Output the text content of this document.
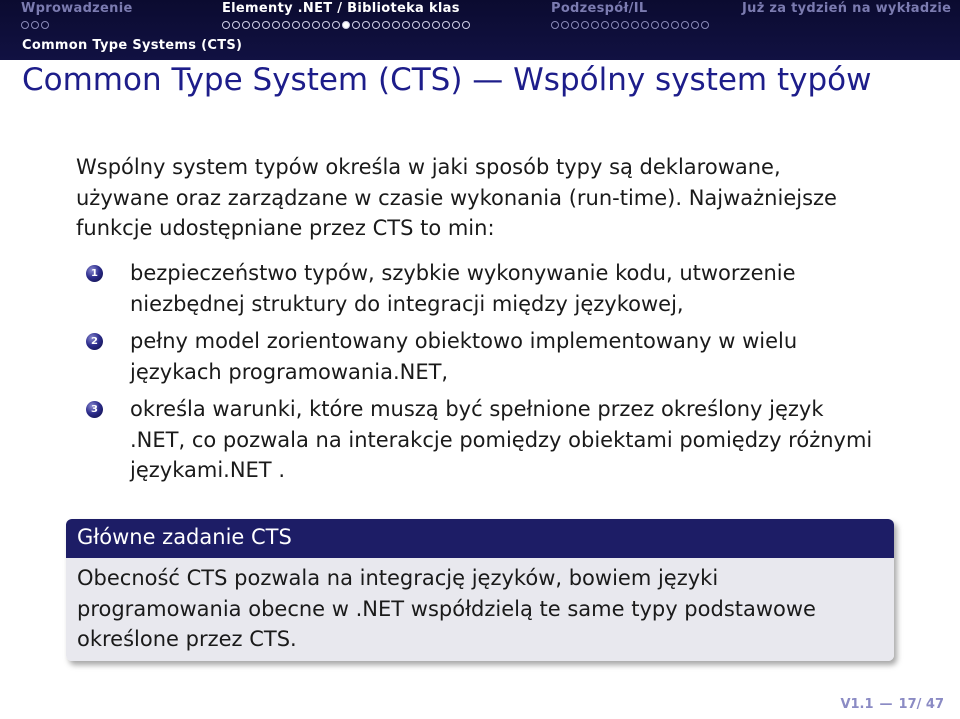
Wprowadzenie	Elementy .NET / Biblioteka klas	Podzespół/IL	Już za tydzień na wykładzie
Common Type Systems (CTS)
Common Type System (CTS) — Wspólny system typów
Wspólny system typów określa w jaki sposób typy są deklarowane, używane oraz zarządzane w czasie wykonania (run-time). Najważniejsze funkcje udostępniane przez CTS to min:
1 bezpieczeństwo typów, szybkie wykonywanie kodu, utworzenie niezbędnej struktury do integracji między językowej,
2 pełny model zorientowany obiektowo implementowany w wielu językach programowania.NET,
3 określa warunki, które muszą być spełnione przez określony język .NET, co pozwala na interakcje pomiędzy obiektami pomiędzy różnymi językami.NET .
Główne zadanie CTS
Obecność CTS pozwala na integrację języków, bowiem języki programowania obecne w .NET współdzielą te same typy podstawowe określone przez CTS.
V1.1 — 17/ 47
